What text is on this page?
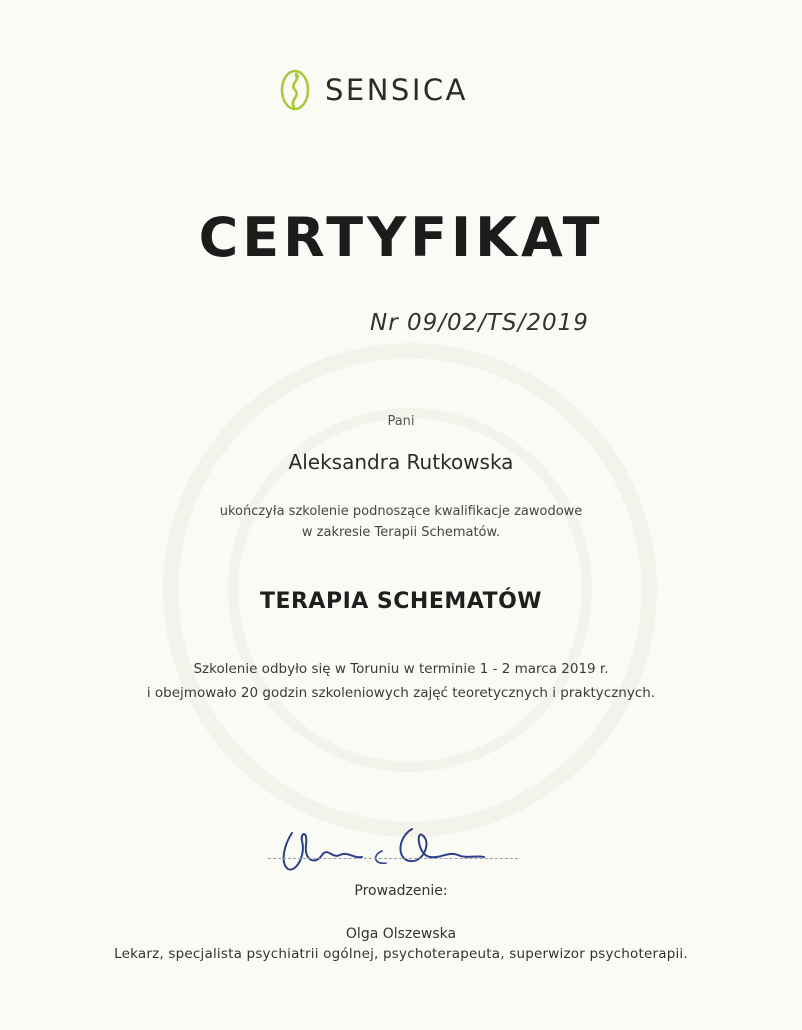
SENSICA
CERTYFIKAT
Nr 09/02/TS/2019
Pani
Aleksandra Rutkowska
ukończyła szkolenie podnoszące kwalifikacje zawodowe
w zakresie Terapii Schematów.
TERAPIA SCHEMATÓW
Szkolenie odbyło się w Toruniu w terminie 1 - 2 marca 2019 r.
i obejmowało 20 godzin szkoleniowych zajęć teoretycznych i praktycznych.
Prowadzenie:
Olga Olszewska
Lekarz, specjalista psychiatrii ogólnej, psychoterapeuta, superwizor psychoterapii.
